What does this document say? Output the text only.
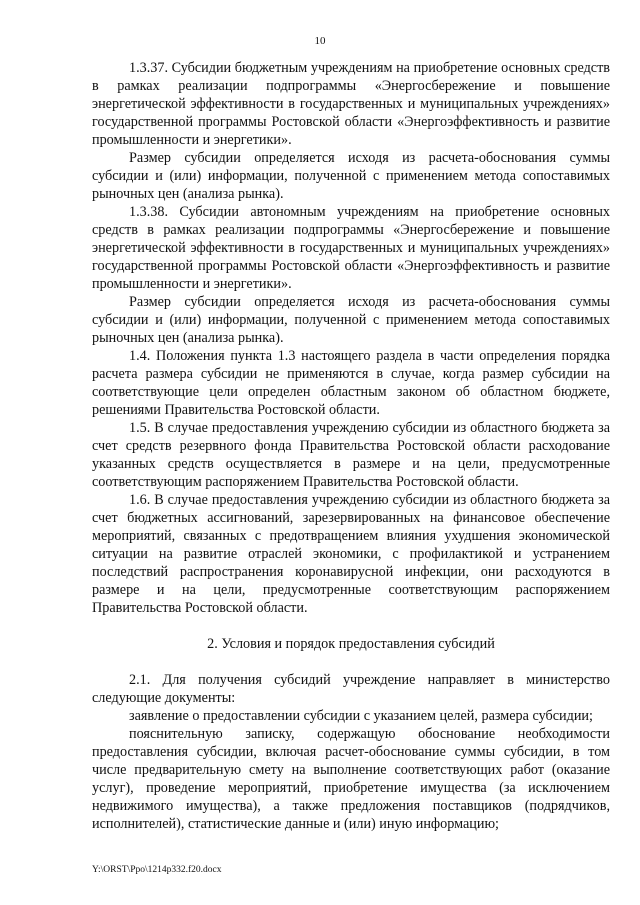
10

1.3.37. Субсидии бюджетным учреждениям на приобретение основных средств в рамках реализации подпрограммы «Энергосбережение и повышение энергетической эффективности в государственных и муниципальных учреждениях» государственной программы Ростовской области «Энергоэффективность и развитие промышленности и энергетики».

Размер субсидии определяется исходя из расчета-обоснования суммы субсидии и (или) информации, полученной с применением метода сопоставимых рыночных цен (анализа рынка).

1.3.38. Субсидии автономным учреждениям на приобретение основных средств в рамках реализации подпрограммы «Энергосбережение и повышение энергетической эффективности в государственных и муниципальных учреждениях» государственной программы Ростовской области «Энергоэффективность и развитие промышленности и энергетики».

Размер субсидии определяется исходя из расчета-обоснования суммы субсидии и (или) информации, полученной с применением метода сопоставимых рыночных цен (анализа рынка).

1.4. Положения пункта 1.3 настоящего раздела в части определения порядка расчета размера субсидии не применяются в случае, когда размер субсидии на соответствующие цели определен областным законом об областном бюджете, решениями Правительства Ростовской области.

1.5. В случае предоставления учреждению субсидии из областного бюджета за счет средств резервного фонда Правительства Ростовской области расходование указанных средств осуществляется в размере и на цели, предусмотренные соответствующим распоряжением Правительства Ростовской области.

1.6. В случае предоставления учреждению субсидии из областного бюджета за счет бюджетных ассигнований, зарезервированных на финансовое обеспечение мероприятий, связанных с предотвращением влияния ухудшения экономической ситуации на развитие отраслей экономики, с профилактикой и устранением последствий распространения коронавирусной инфекции, они расходуются в размере и на цели, предусмотренные соответствующим распоряжением Правительства Ростовской области.

2. Условия и порядок предоставления субсидий

2.1. Для получения субсидий учреждение направляет в министерство следующие документы:

заявление о предоставлении субсидии с указанием целей, размера субсидии;

пояснительную записку, содержащую обоснование необходимости предоставления субсидии, включая расчет-обоснование суммы субсидии, в том числе предварительную смету на выполнение соответствующих работ (оказание услуг), проведение мероприятий, приобретение имущества (за исключением недвижимого имущества), а также предложения поставщиков (подрядчиков, исполнителей), статистические данные и (или) иную информацию;

Y:\ORST\Ppo\1214p332.f20.docx
